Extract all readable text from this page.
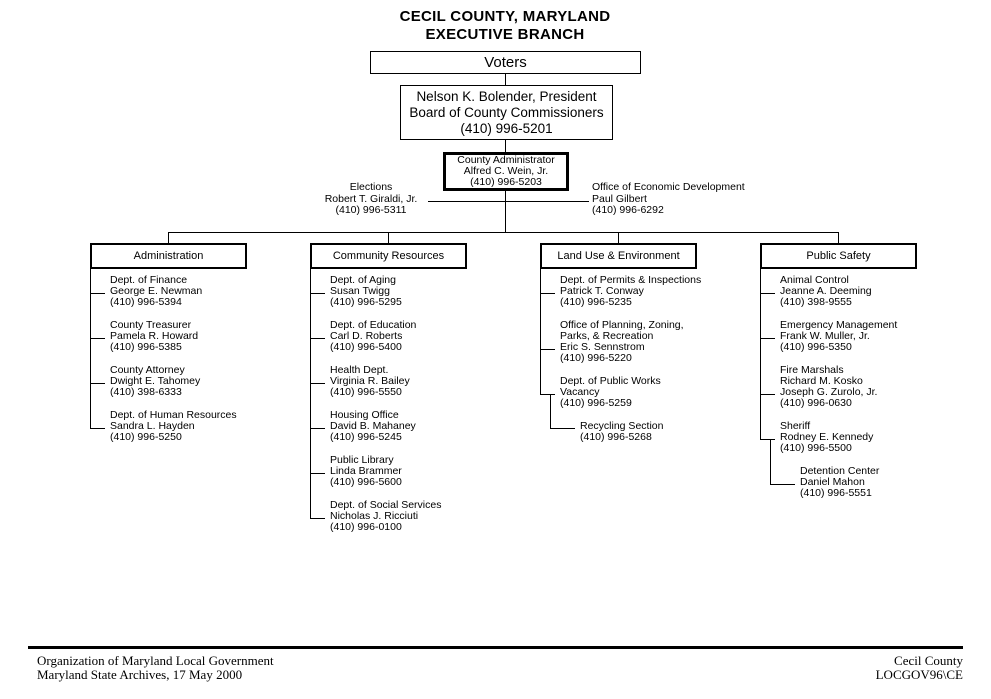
CECIL COUNTY, MARYLAND
EXECUTIVE BRANCH
Voters
Nelson K. Bolender, President
Board of County Commissioners
(410) 996-5201
County Administrator
Alfred C. Wein, Jr.
(410) 996-5203
Elections
Robert T. Giraldi, Jr.
(410) 996-5311
Office of Economic Development
Paul Gilbert
(410) 996-6292
Administration
Dept. of Finance
George E. Newman
(410) 996-5394
County Treasurer
Pamela R. Howard
(410) 996-5385
County Attorney
Dwight E. Tahomey
(410) 398-6333
Dept. of Human Resources
Sandra L. Hayden
(410) 996-5250
Community Resources
Dept. of Aging
Susan Twigg
(410) 996-5295
Dept. of Education
Carl D. Roberts
(410) 996-5400
Health Dept.
Virginia R. Bailey
(410) 996-5550
Housing Office
David B. Mahaney
(410) 996-5245
Public Library
Linda Brammer
(410) 996-5600
Dept. of Social Services
Nicholas J. Ricciuti
(410) 996-0100
Land Use & Environment
Dept. of Permits & Inspections
Patrick T. Conway
(410) 996-5235
Office of Planning, Zoning,
Parks, & Recreation
Eric S. Sennstrom
(410) 996-5220
Dept. of Public Works
Vacancy
(410) 996-5259
Recycling Section
(410) 996-5268
Public Safety
Animal Control
Jeanne A. Deeming
(410) 398-9555
Emergency Management
Frank W. Muller, Jr.
(410) 996-5350
Fire Marshals
Richard M. Kosko
Joseph G. Zurolo, Jr.
(410) 996-0630
Sheriff
Rodney E. Kennedy
(410) 996-5500
Detention Center
Daniel Mahon
(410) 996-5551
Organization of Maryland Local Government
Maryland State Archives, 17 May 2000
Cecil County
LOCGOV96\CE
